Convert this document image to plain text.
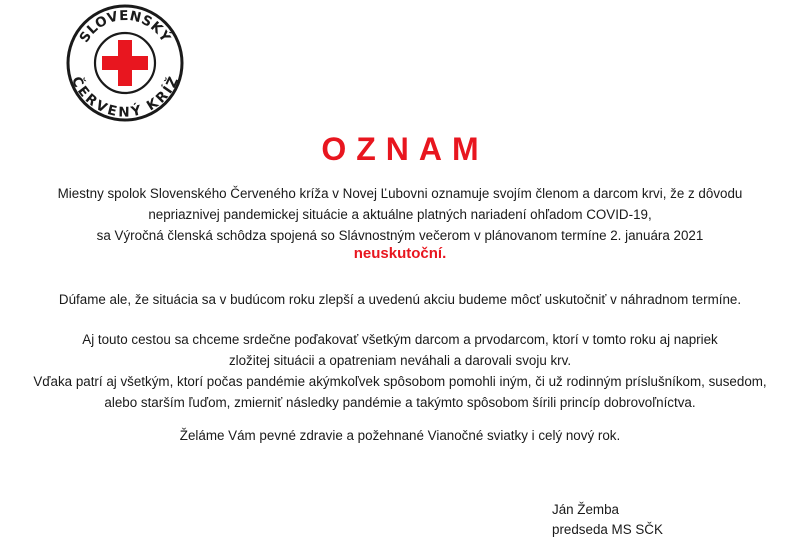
SLOVENSKÝ
ČERVENÝ KRÍŽ
OZNAM
Miestny spolok Slovenského Červeného kríža v Novej Ľubovni oznamuje svojím členom a darcom krvi, že z dôvodu
nepriaznivej pandemickej situácie a aktuálne platných nariadení ohľadom COVID-19,
sa Výročná členská schôdza spojená so Slávnostným večerom v plánovanom termíne 2. januára 2021
neuskutoční.
Dúfame ale, že situácia sa v budúcom roku zlepší a uvedenú akciu budeme môcť uskutočniť v náhradnom termíne.
Aj touto cestou sa chceme srdečne poďakovať všetkým darcom a prvodarcom, ktorí v tomto roku aj napriek
zložitej situácii a opatreniam neváhali a darovali svoju krv.
Vďaka patrí aj všetkým, ktorí počas pandémie akýmkoľvek spôsobom pomohli iným, či už rodinným príslušníkom, susedom,
alebo starším ľuďom, zmierniť následky pandémie a takýmto spôsobom šírili princíp dobrovoľníctva.
Želáme Vám pevné zdravie a požehnané Vianočné sviatky i celý nový rok.
Ján Žemba
predseda MS SČK
